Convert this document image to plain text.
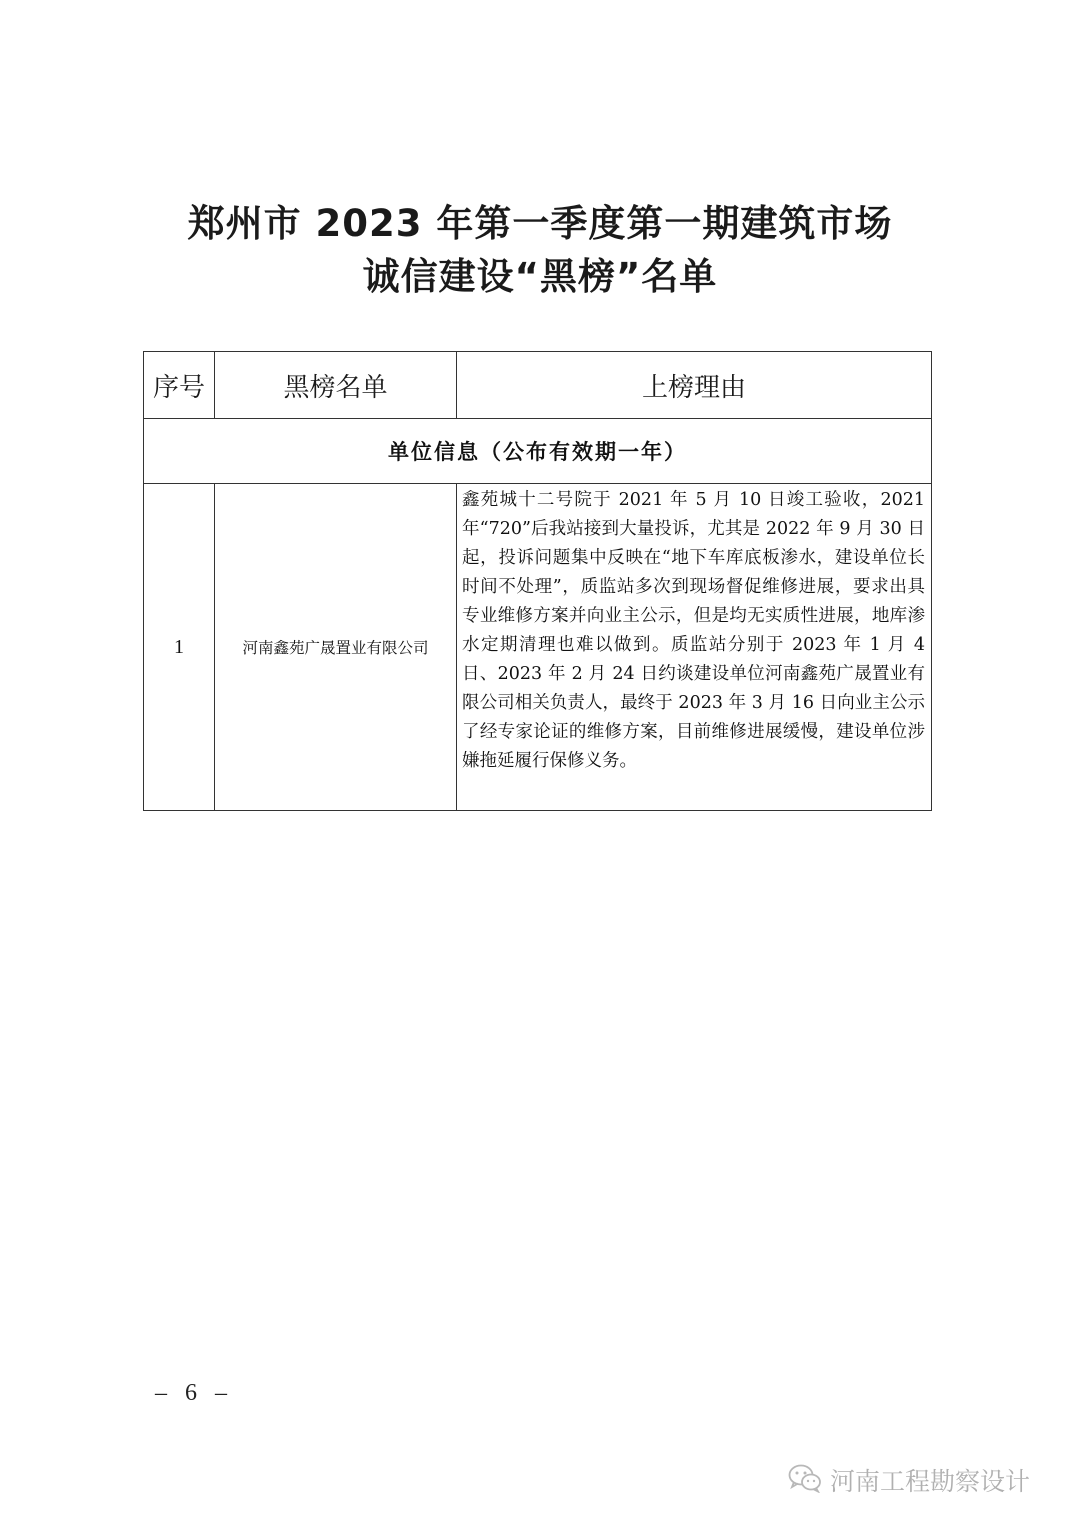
郑州市 2023 年第一季度第一期建筑市场
诚信建设“黑榜”名单
序号	黑榜名单	上榜理由
单位信息（公布有效期一年）		
1	河南鑫苑广晟置业有限公司	鑫苑城十二号院于 2021 年 5 月 10 日竣工验收，2021 年“720”后我站接到大量投诉，尤其是 2022 年 9 月 30 日起，投诉问题集中反映在“地下车库底板渗水，建设单位长时间不处理”，质监站多次到现场督促维修进展，要求出具专业维修方案并向业主公示，但是均无实质性进展，地库渗水定期清理也难以做到。质监站分别于 2023 年 1 月 4 日、2023 年 2 月 24 日约谈建设单位河南鑫苑广晟置业有限公司相关负责人，最终于 2023 年 3 月 16 日向业主公示了经专家论证的维修方案，目前维修进展缓慢，建设单位涉嫌拖延履行保修义务。
– 6 –
河南工程勘察设计
